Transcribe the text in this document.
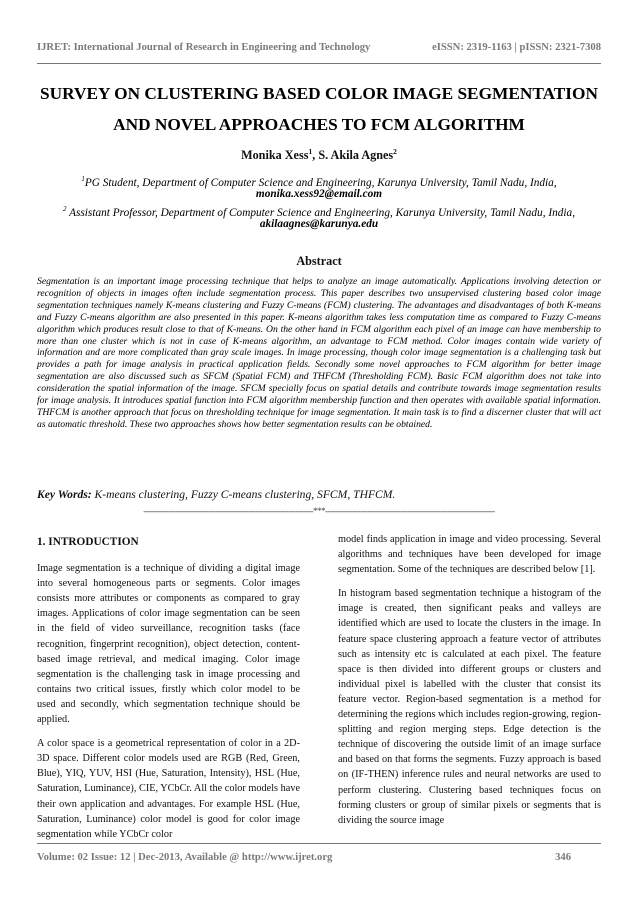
IJRET: International Journal of Research in Engineering and Technology	eISSN: 2319-1163 | pISSN: 2321-7308
SURVEY ON CLUSTERING BASED COLOR IMAGE SEGMENTATION
AND NOVEL APPROACHES TO FCM ALGORITHM
Monika Xess$^1$, S. Akila Agnes$^2$
$^1$PG Student, Department of Computer Science and Engineering, Karunya University, Tamil Nadu, India,
monika.xess92@email.com
$^2$ Assistant Professor, Department of Computer Science and Engineering, Karunya University, Tamil Nadu, India,
akilaagnes@karunya.edu
Abstract
Segmentation is an important image processing technique that helps to analyze an image automatically. Applications involving detection or recognition of objects in images often include segmentation process. This paper describes two unsupervised clustering based color image segmentation techniques namely K-means clustering and Fuzzy C-means (FCM) clustering. The advantages and disadvantages of both K-means and Fuzzy C-means algorithm are also presented in this paper. K-means algorithm takes less computation time as compared to Fuzzy C-means algorithm which produces result close to that of K-means. On the other hand in FCM algorithm each pixel of an image can have membership to more than one cluster which is not in case of K-means algorithm, an advantage to FCM method. Color images contain wide variety of information and are more complicated than gray scale images. In image processing, though color image segmentation is a challenging task but provides a path for image analysis in practical application fields. Secondly some novel approaches to FCM algorithm for better image segmentation are also discussed such as SFCM (Spatial FCM) and THFCM (Thresholding FCM). Basic FCM algorithm does not take into consideration the spatial information of the image. SFCM specially focus on spatial details and contribute towards image segmentation results for image analysis. It introduces spatial function into FCM algorithm membership function and then operates with available spatial information. THFCM is another approach that focus on thresholding technique for image segmentation. It main task is to find a discerner cluster that will act as automatic threshold. These two approaches shows how better segmentation results can be obtained.
Key Words: K-means clustering, Fuzzy C-means clustering, SFCM, THFCM.
--------------------------------------------------------------------***--------------------------------------------------------------------
1. INTRODUCTION

Image segmentation is a technique of dividing a digital image into several homogeneous parts or segments. Color images consists more attributes or components as compared to gray images. Applications of color image segmentation can be seen in the field of video surveillance, recognition tasks (face recognition, fingerprint recognition), object detection, content-based image retrieval, and medical imaging. Color image segmentation is the challenging task in image processing and contains two critical issues, firstly which color model to be used and secondly, which segmentation technique should be applied.

A color space is a geometrical representation of color in a 2D- 3D space. Different color models used are RGB (Red, Green, Blue), YIQ, YUV, HSI (Hue, Saturation, Intensity), HSL (Hue, Saturation, Luminance), CIE, YCbCr. All the color models have their own application and advantages. For example HSL (Hue, Saturation, Luminance) color model is good for color image segmentation while YCbCr color

model finds application in image and video processing. Several algorithms and techniques have been developed for image segmentation. Some of the techniques are described below [1].

In histogram based segmentation technique a histogram of the image is created, then significant peaks and valleys are identified which are used to locate the clusters in the image. In feature space clustering approach a feature vector of attributes such as intensity etc is calculated at each pixel. The feature space is then divided into different groups or clusters and individual pixel is labelled with the cluster that consist its feature vector. Region-based segmentation is a method for determining the regions which includes region-growing, region-splitting and region merging steps. Edge detection is the technique of discovering the outside limit of an image surface and based on that forms the segments. Fuzzy approach is based on (IF-THEN) inference rules and neural networks are used to perform clustering. Clustering based techniques focus on forming clusters or group of similar pixels or segments that is dividing the source image

Volume: 02 Issue: 12 | Dec-2013, Available @ http://www.ijret.org	346
